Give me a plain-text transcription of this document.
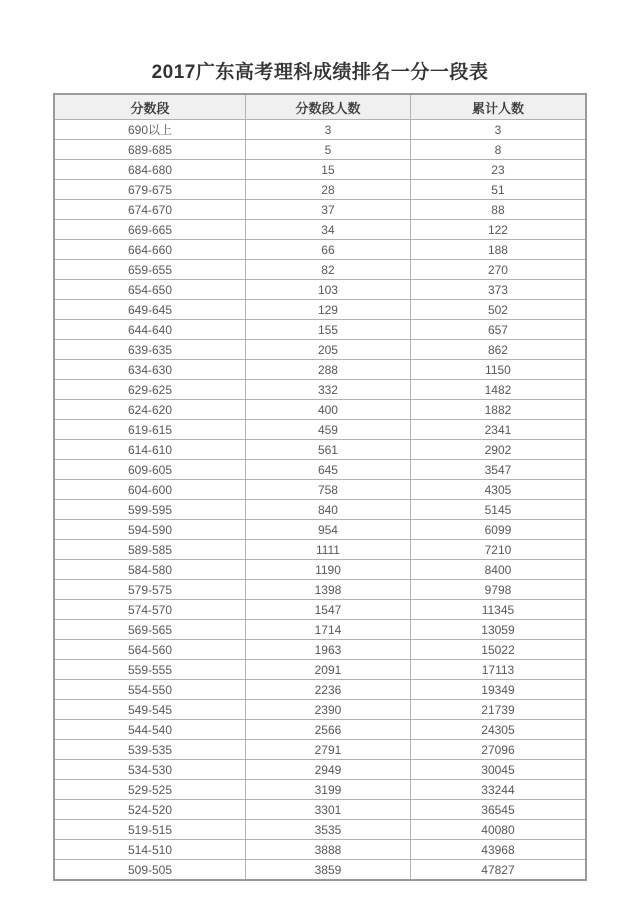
2017广东高考理科成绩排名一分一段表
分数段	分数段人数	累计人数
690以上	3	3
689-685	5	8
684-680	15	23
679-675	28	51
674-670	37	88
669-665	34	122
664-660	66	188
659-655	82	270
654-650	103	373
649-645	129	502
644-640	155	657
639-635	205	862
634-630	288	1150
629-625	332	1482
624-620	400	1882
619-615	459	2341
614-610	561	2902
609-605	645	3547
604-600	758	4305
599-595	840	5145
594-590	954	6099
589-585	1111	7210
584-580	1190	8400
579-575	1398	9798
574-570	1547	11345
569-565	1714	13059
564-560	1963	15022
559-555	2091	17113
554-550	2236	19349
549-545	2390	21739
544-540	2566	24305
539-535	2791	27096
534-530	2949	30045
529-525	3199	33244
524-520	3301	36545
519-515	3535	40080
514-510	3888	43968
509-505	3859	47827
